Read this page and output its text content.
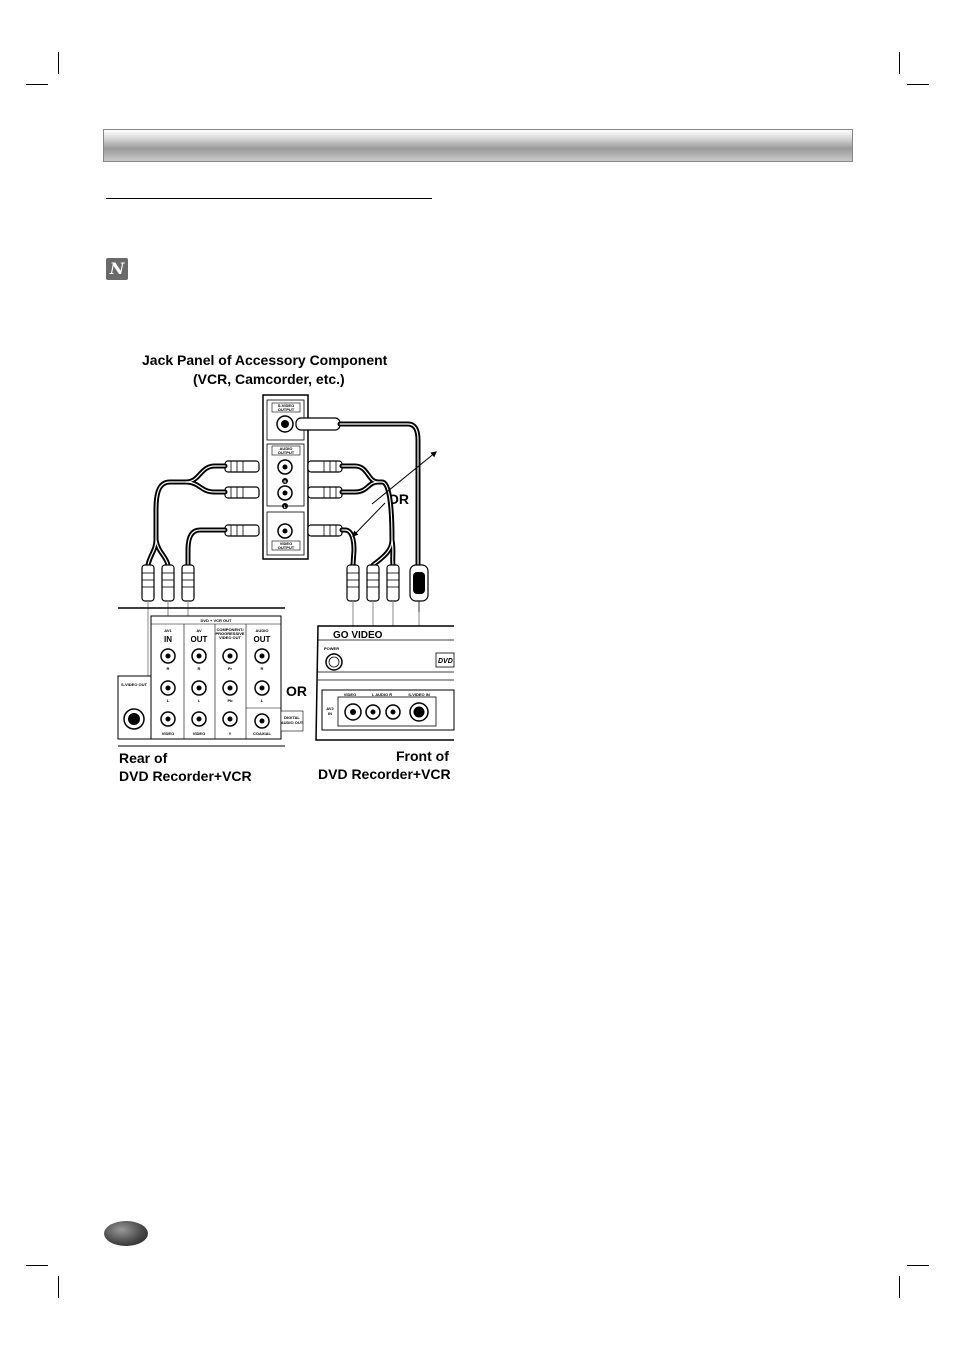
N
Jack Panel of Accessory Component
(VCR, Camcorder, etc.)
OR
OR
Rear of
DVD Recorder+VCR
Front of
DVD Recorder+VCR
S-VIDEO
OUTPUT
AUDIO
OUTPUT
R
L
VIDEO
OUTPUT
DVD + VCR OUT
AV1
IN
AV
OUT
COMPONENT/
PROGRESSIVE
VIDEO OUT
AUDIO
OUT
R	R	Pr	R
L	L	Pb	L
VIDEO	VIDEO	Y	COAXIAL
S-VIDEO OUT
DIGITAL
AUDIO OUT
GO VIDEO
POWER
DVD
VIDEO	L AUDIO R	S-VIDEO IN
AV2
IN
